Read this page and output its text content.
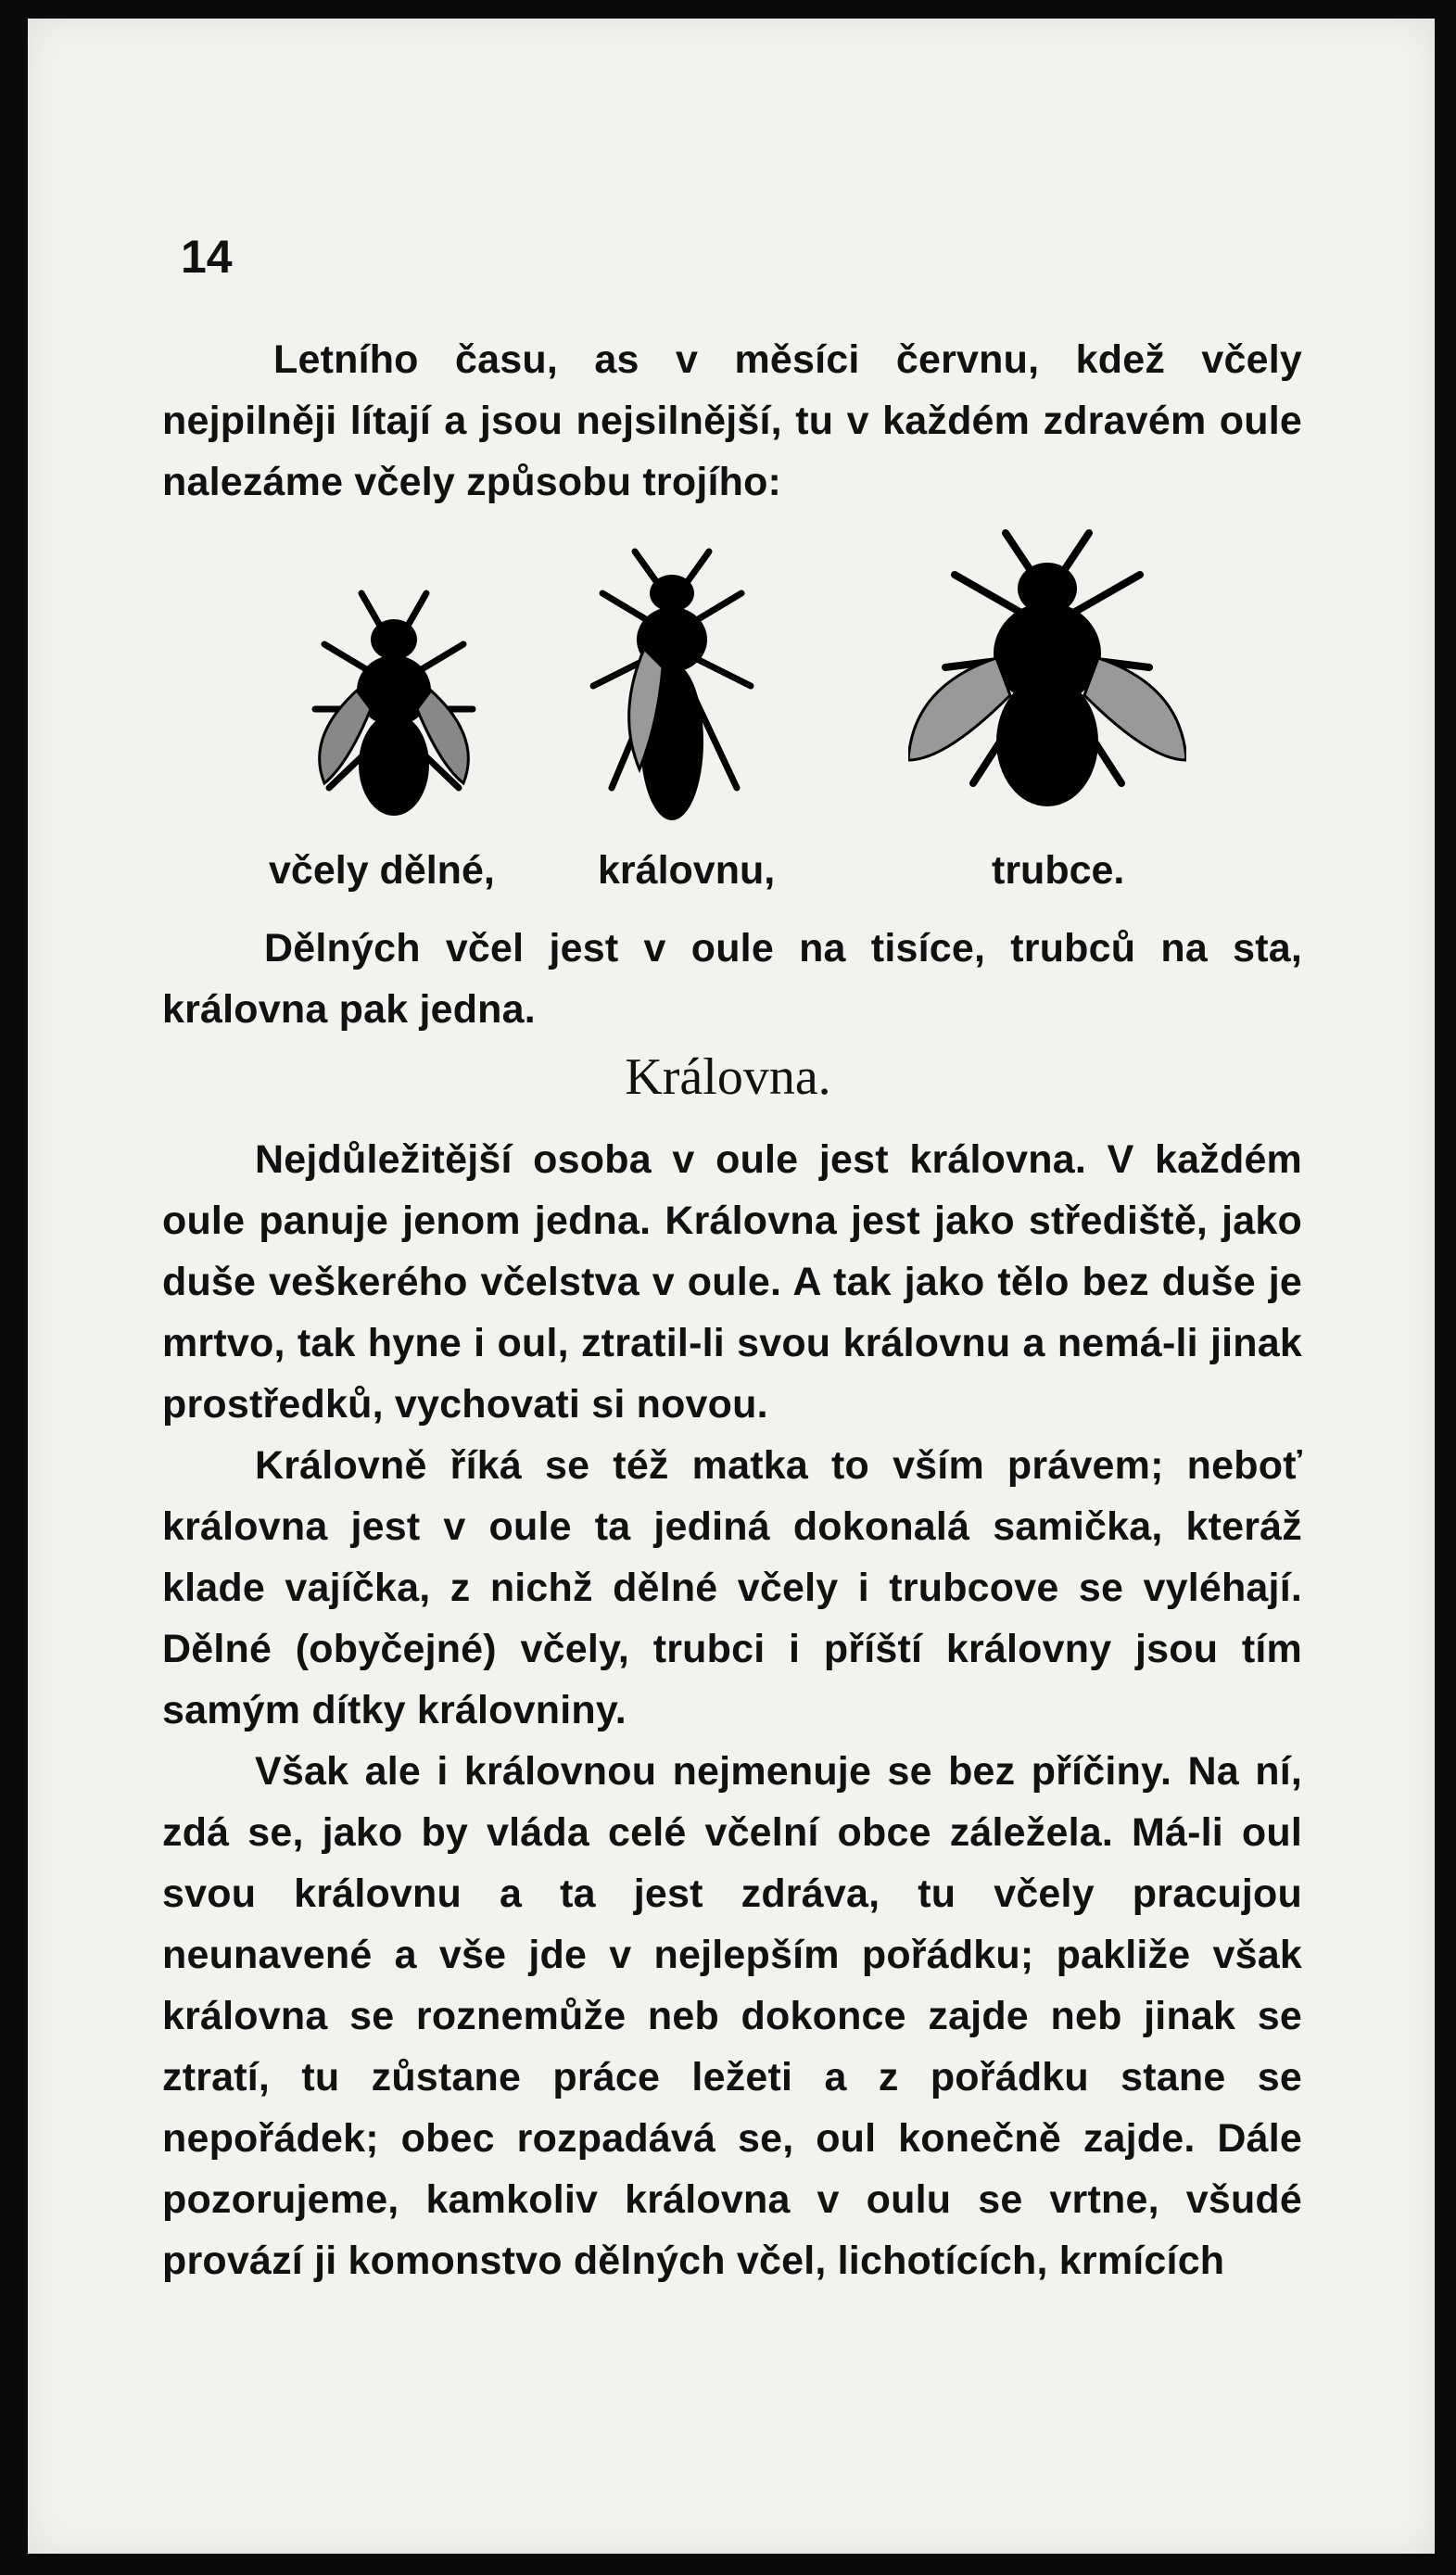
14

Letního času, as v měsíci červnu, kdež včely nejpilněji lítají a jsou nejsilnější, tu v každém zdravém oule nalezáme včely způsobu trojího:

včely dělné,	královnu,	trubce.

Dělných včel jest v oule na tisíce, trubců na sta, královna pak jedna.

Královna.

Nejdůležitější osoba v oule jest královna. V každém oule panuje jenom jedna. Královna jest jako střediště, jako duše veškerého včelstva v oule. A tak jako tělo bez duše je mrtvo, tak hyne i oul, ztratil-li svou královnu a nemá-li jinak prostředků, vychovati si novou.

Královně říká se též matka to vším právem; neboť královna jest v oule ta jediná dokonalá samička, kteráž klade vajíčka, z nichž dělné včely i trubcove se vyléhají. Dělné (obyčejné) včely, trubci i příští královny jsou tím samým dítky královniny.

Však ale i královnou nejmenuje se bez příčiny. Na ní, zdá se, jako by vláda celé včelní obce záležela. Má-li oul svou královnu a ta jest zdráva, tu včely pracujou neunavené a vše jde v nejlepším pořádku; pakliže však královna se roznemůže neb dokonce zajde neb jinak se ztratí, tu zůstane práce ležeti a z pořádku stane se nepořádek; obec rozpadává se, oul konečně zajde. Dále pozorujeme, kamkoliv královna v oulu se vrtne, všudé provází ji komonstvo dělných včel, lichotících, krmících
